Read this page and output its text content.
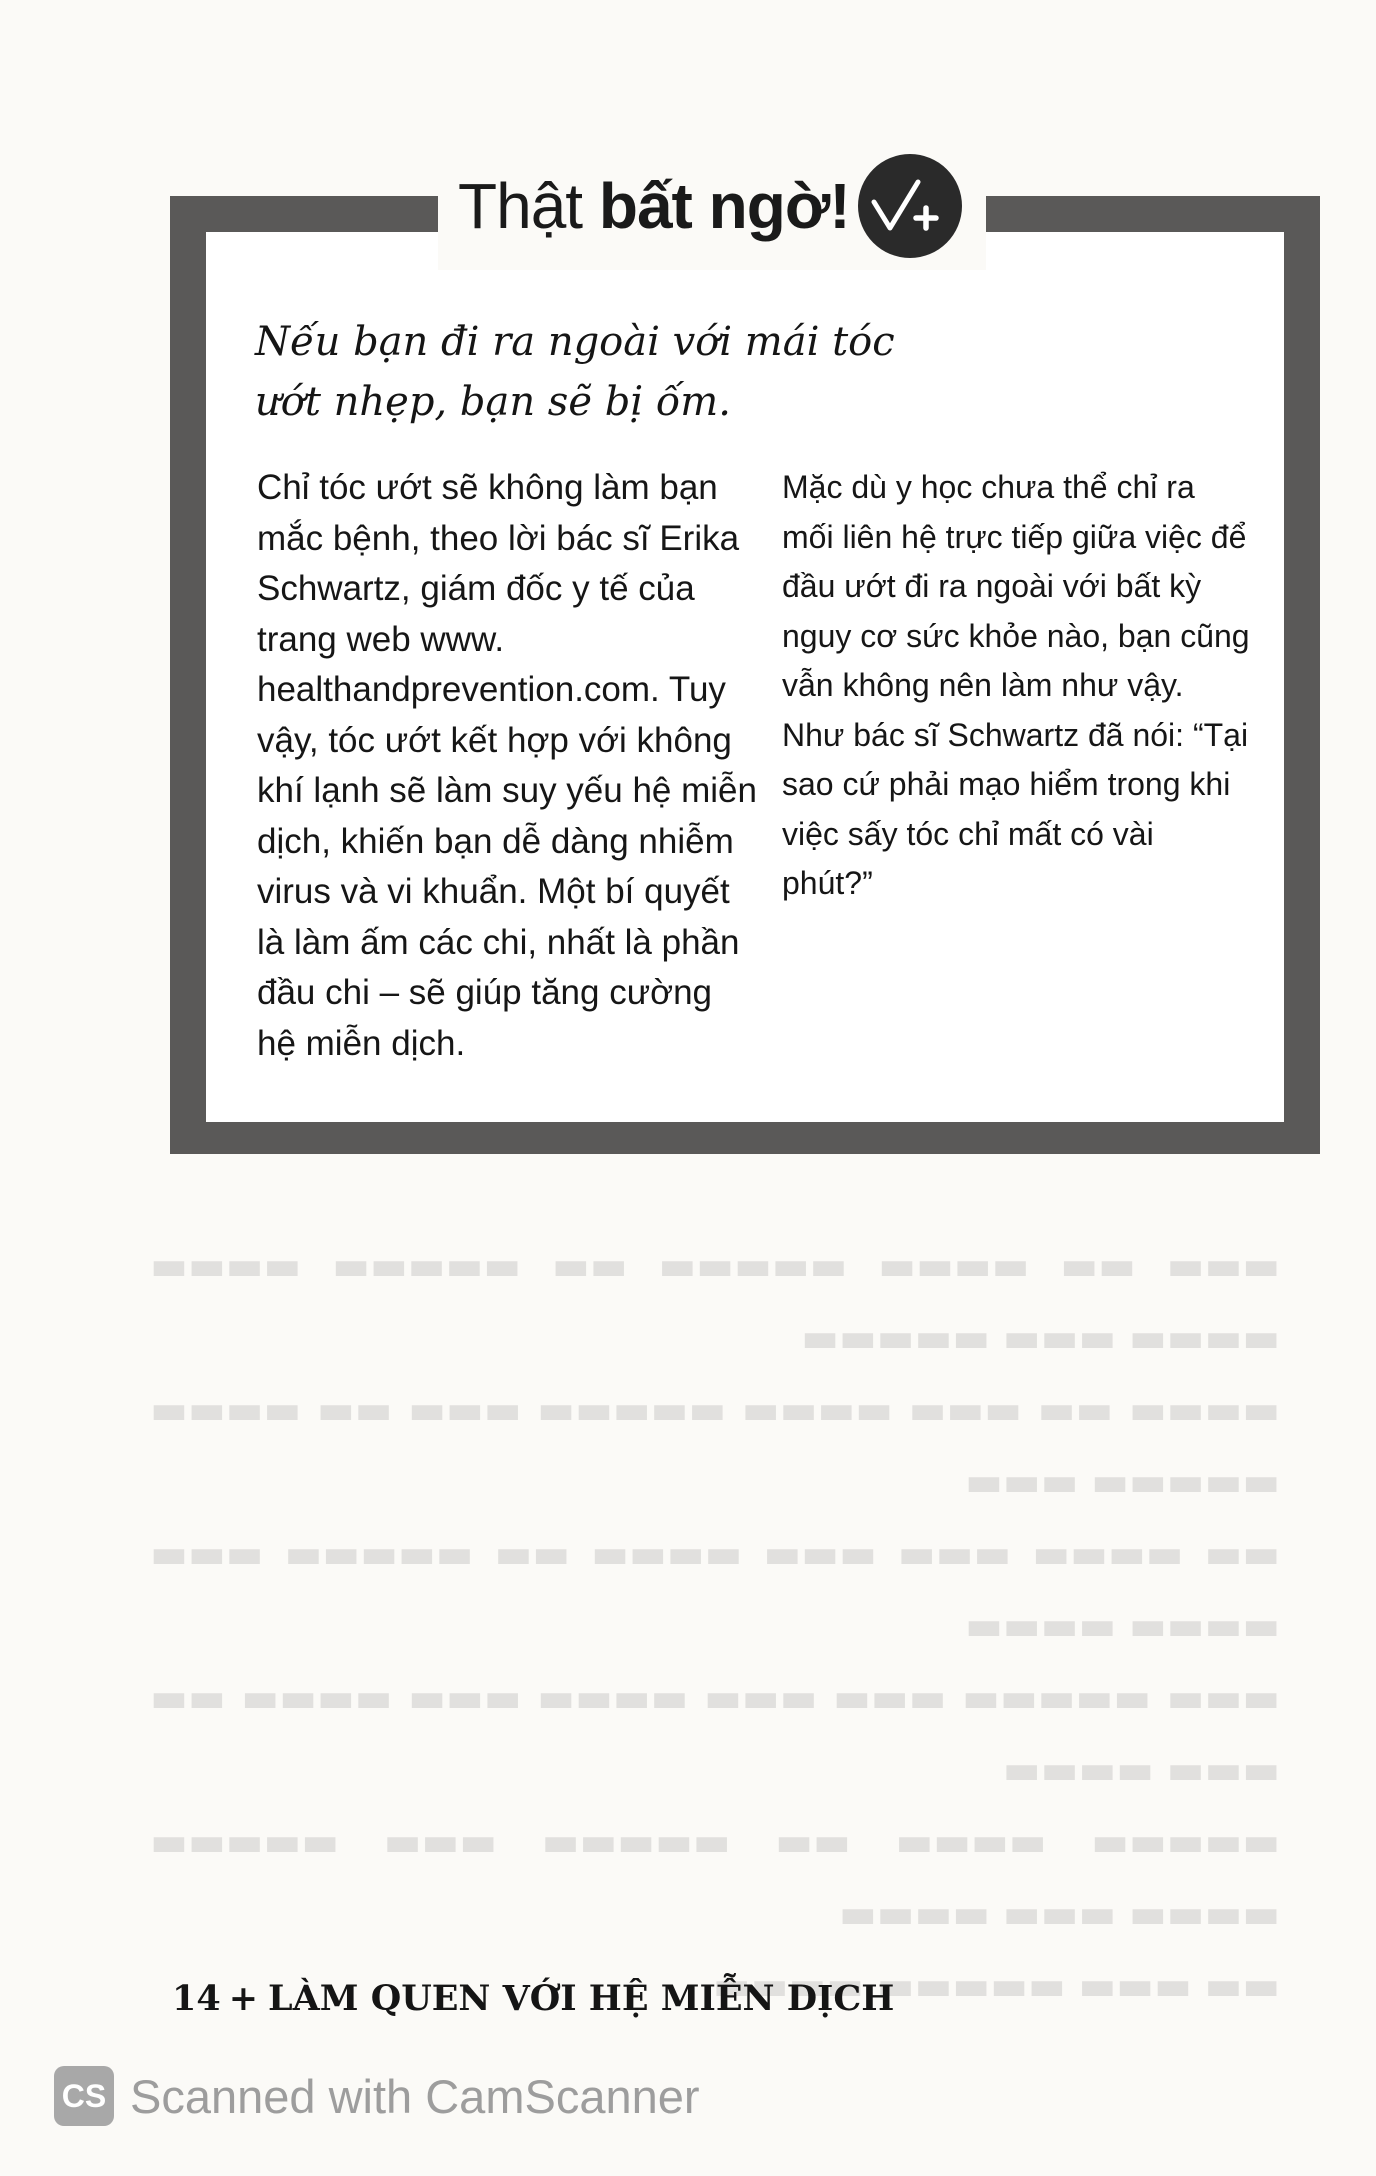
▬▬▬ ▬▬ ▬▬▬▬ ▬▬▬▬▬ ▬▬ ▬▬▬▬▬ ▬▬▬▬ ▬▬▬▬ ▬▬▬ ▬▬▬▬▬

▬▬▬▬ ▬▬ ▬▬▬ ▬▬▬▬ ▬▬▬▬▬ ▬▬▬ ▬▬ ▬▬▬▬ ▬▬▬▬▬ ▬▬▬

▬▬ ▬▬▬▬ ▬▬▬ ▬▬▬ ▬▬▬▬ ▬▬ ▬▬▬▬▬ ▬▬▬ ▬▬▬▬ ▬▬▬▬

▬▬▬ ▬▬▬▬▬ ▬▬▬ ▬▬▬ ▬▬▬▬ ▬▬▬ ▬▬▬▬ ▬▬ ▬▬▬ ▬▬▬▬

▬▬▬▬▬ ▬▬▬▬ ▬▬ ▬▬▬▬▬ ▬▬▬ ▬▬▬▬▬ ▬▬▬▬ ▬▬▬ ▬▬▬▬

▬▬ ▬▬▬ ▬▬▬▬▬ ▬▬▬▬

Thật bất ngờ!

Nếu bạn đi ra ngoài với mái tóc ướt nhẹp, bạn sẽ bị ốm.

Chỉ tóc ướt sẽ không làm bạn mắc bệnh, theo lời bác sĩ Erika Schwartz, giám đốc y tế của trang web www. healthandprevention.com. Tuy vậy, tóc ướt kết hợp với không khí lạnh sẽ làm suy yếu hệ miễn dịch, khiến bạn dễ dàng nhiễm virus và vi khuẩn. Một bí quyết là làm ấm các chi, nhất là phần đầu chi – sẽ giúp tăng cường hệ miễn dịch.

Mặc dù y học chưa thể chỉ ra mối liên hệ trực tiếp giữa việc để đầu ướt đi ra ngoài với bất kỳ nguy cơ sức khỏe nào, bạn cũng vẫn không nên làm như vậy. Như bác sĩ Schwartz đã nói: “Tại sao cứ phải mạo hiểm trong khi việc sấy tóc chỉ mất có vài phút?”

14 + LÀM QUEN VỚI HỆ MIỄN DỊCH
CS Scanned with CamScanner
